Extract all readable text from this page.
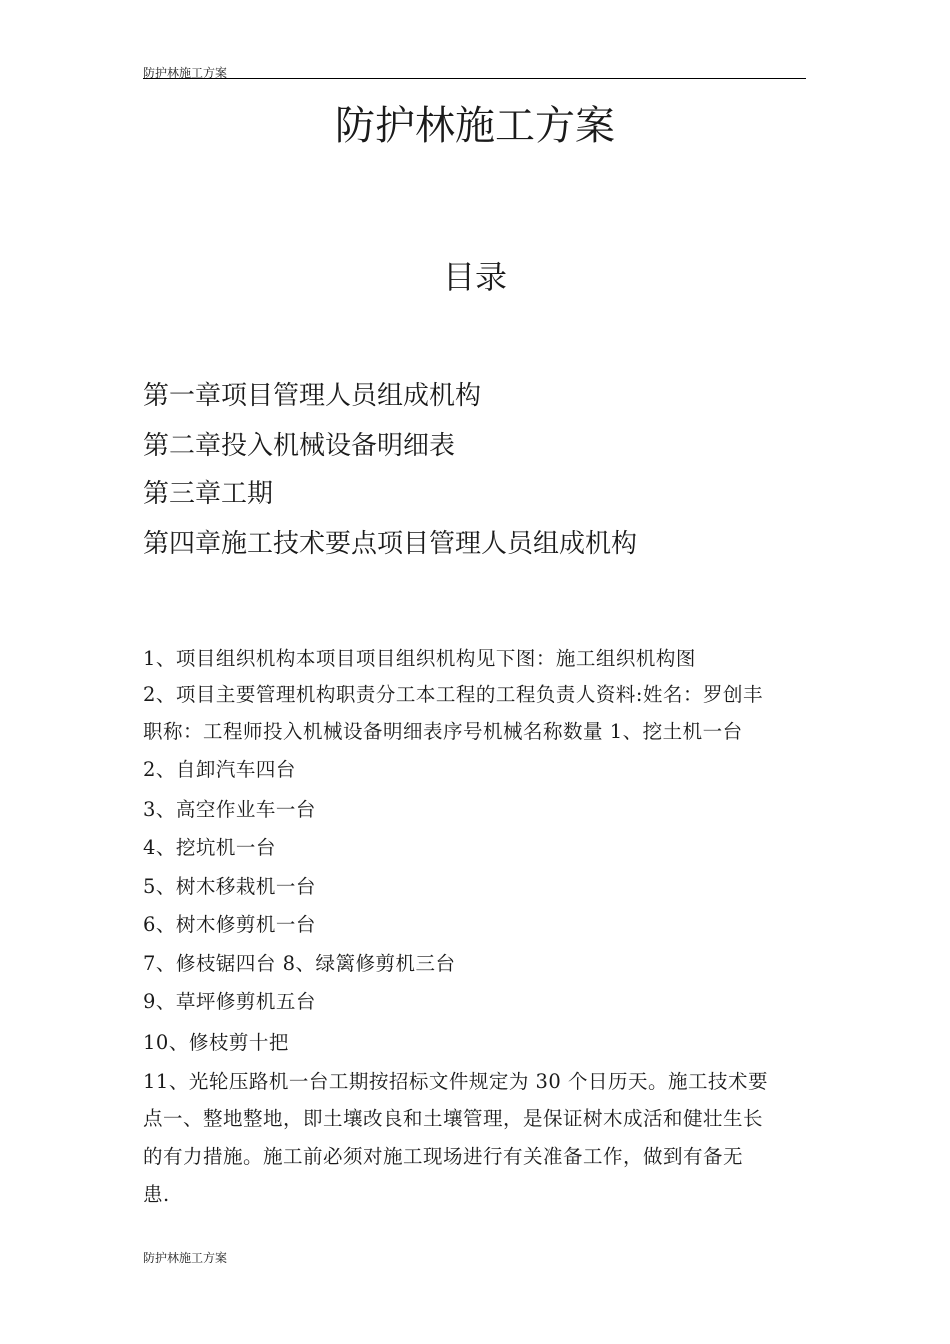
防护林施工方案
防护林施工方案
目录
第一章项目管理人员组成机构
第二章投入机械设备明细表
第三章工期
第四章施工技术要点项目管理人员组成机构
1、项目组织机构本项目项目组织机构见下图：施工组织机构图
2、项目主要管理机构职责分工本工程的工程负责人资料:姓名：罗创丰
职称：工程师投入机械设备明细表序号机械名称数量 1、挖土机一台
2、自卸汽车四台
3、高空作业车一台
4、挖坑机一台
5、树木移栽机一台
6、树木修剪机一台
7、修枝锯四台 8、绿篱修剪机三台
9、草坪修剪机五台
10、修枝剪十把
11、光轮压路机一台工期按招标文件规定为 30 个日历天。施工技术要
点一、整地整地，即土壤改良和土壤管理，是保证树木成活和健壮生长
的有力措施。施工前必须对施工现场进行有关准备工作，做到有备无
患.
防护林施工方案
